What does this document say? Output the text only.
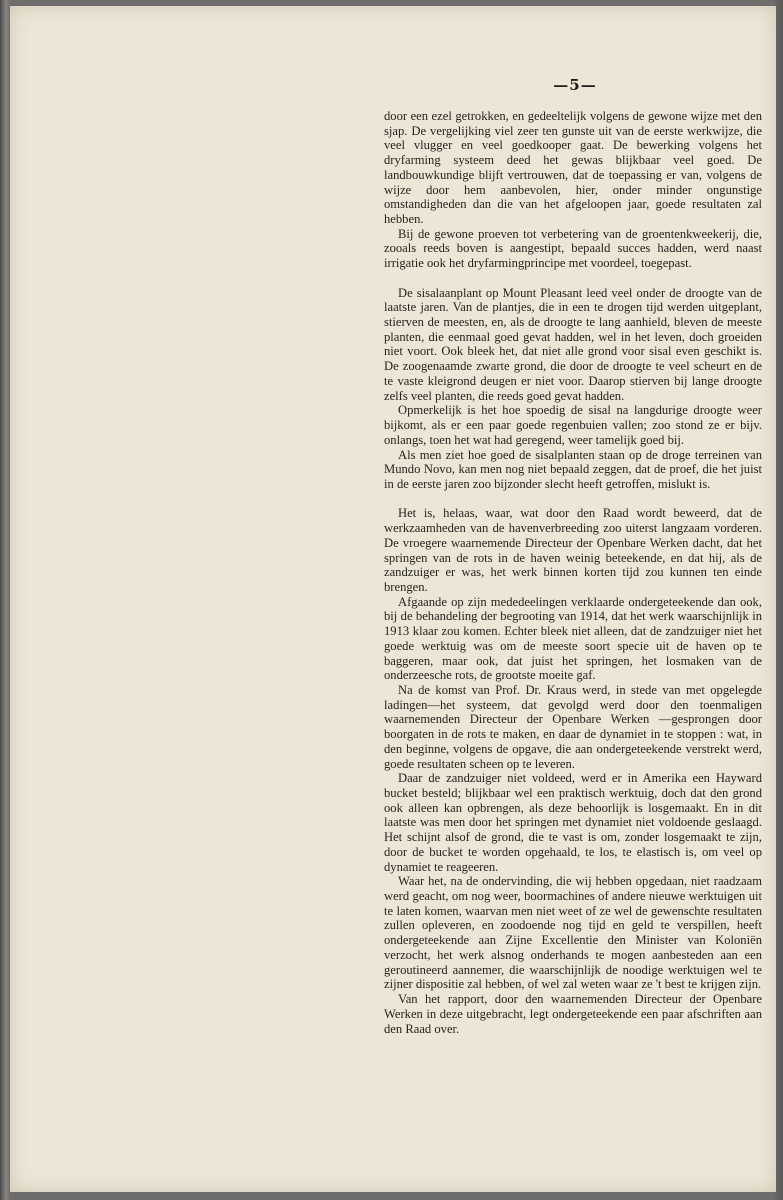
—5—

door een ezel getrokken, en gedeeltelijk volgens de gewone wijze met den sjap. De vergelijking viel zeer ten gunste uit van de eerste werkwijze, die veel vlugger en veel goedkooper gaat. De bewerking volgens het dryfarming systeem deed het gewas blijkbaar veel goed. De landbouwkundige blijft vertrouwen, dat de toepassing er van, volgens de wijze door hem aanbevolen, hier, onder minder ongunstige omstandigheden dan die van het afgeloopen jaar, goede resultaten zal hebben.

Bij de gewone proeven tot verbetering van de groentenkweekerij, die, zooals reeds boven is aangestipt, bepaald succes hadden, werd naast irrigatie ook het dryfarmingprincipe met voordeel, toegepast.

De sisalaanplant op Mount Pleasant leed veel onder de droogte van de laatste jaren. Van de plantjes, die in een te drogen tijd werden uitgeplant, stierven de meesten, en, als de droogte te lang aanhield, bleven de meeste planten, die eenmaal goed gevat hadden, wel in het leven, doch groeiden niet voort. Ook bleek het, dat niet alle grond voor sisal even geschikt is. De zoogenaamde zwarte grond, die door de droogte te veel scheurt en de te vaste kleigrond deugen er niet voor. Daarop stierven bij lange droogte zelfs veel planten, die reeds goed gevat hadden.

Opmerkelijk is het hoe spoedig de sisal na langdurige droogte weer bijkomt, als er een paar goede regenbuien vallen; zoo stond ze er bijv. onlangs, toen het wat had geregend, weer tamelijk goed bij.

Als men ziet hoe goed de sisalplanten staan op de droge terreinen van Mundo Novo, kan men nog niet bepaald zeggen, dat de proef, die het juist in de eerste jaren zoo bijzonder slecht heeft getroffen, mislukt is.

Het is, helaas, waar, wat door den Raad wordt beweerd, dat de werkzaamheden van de havenverbreeding zoo uiterst langzaam vorderen. De vroegere waarnemende Directeur der Openbare Werken dacht, dat het springen van de rots in de haven weinig beteekende, en dat hij, als de zandzuiger er was, het werk binnen korten tijd zou kunnen ten einde brengen.

Afgaande op zijn mededeelingen verklaarde ondergeteekende dan ook, bij de behandeling der begrooting van 1914, dat het werk waarschijnlijk in 1913 klaar zou komen. Echter bleek niet alleen, dat de zandzuiger niet het goede werktuig was om de meeste soort specie uit de haven op te baggeren, maar ook, dat juist het springen, het losmaken van de onderzeesche rots, de grootste moeite gaf.

Na de komst van Prof. Dr. Kraus werd, in stede van met opgelegde ladingen—het systeem, dat gevolgd werd door den toenmaligen waarnemenden Directeur der Openbare Werken —gesprongen door boorgaten in de rots te maken, en daar de dynamiet in te stoppen : wat, in den beginne, volgens de opgave, die aan ondergeteekende verstrekt werd, goede resultaten scheen op te leveren.

Daar de zandzuiger niet voldeed, werd er in Amerika een Hayward bucket besteld; blijkbaar wel een praktisch werktuig, doch dat den grond ook alleen kan opbrengen, als deze behoorlijk is losgemaakt. En in dit laatste was men door het springen met dynamiet niet voldoende geslaagd. Het schijnt alsof de grond, die te vast is om, zonder losgemaakt te zijn, door de bucket te worden opgehaald, te los, te elastisch is, om veel op dynamiet te reageeren.

Waar het, na de ondervinding, die wij hebben opgedaan, niet raadzaam werd geacht, om nog weer, boormachines of andere nieuwe werktuigen uit te laten komen, waarvan men niet weet of ze wel de gewenschte resultaten zullen opleveren, en zoodoende nog tijd en geld te verspillen, heeft ondergeteekende aan Zijne Excellentie den Minister van Koloniën verzocht, het werk alsnog onderhands te mogen aanbesteden aan een geroutineerd aannemer, die waarschijnlijk de noodige werktuigen wel te zijner dispositie zal hebben, of wel zal weten waar ze 't best te krijgen zijn.

Van het rapport, door den waarnemenden Directeur der Openbare Werken in deze uitgebracht, legt ondergeteekende een paar afschriften aan den Raad over.
